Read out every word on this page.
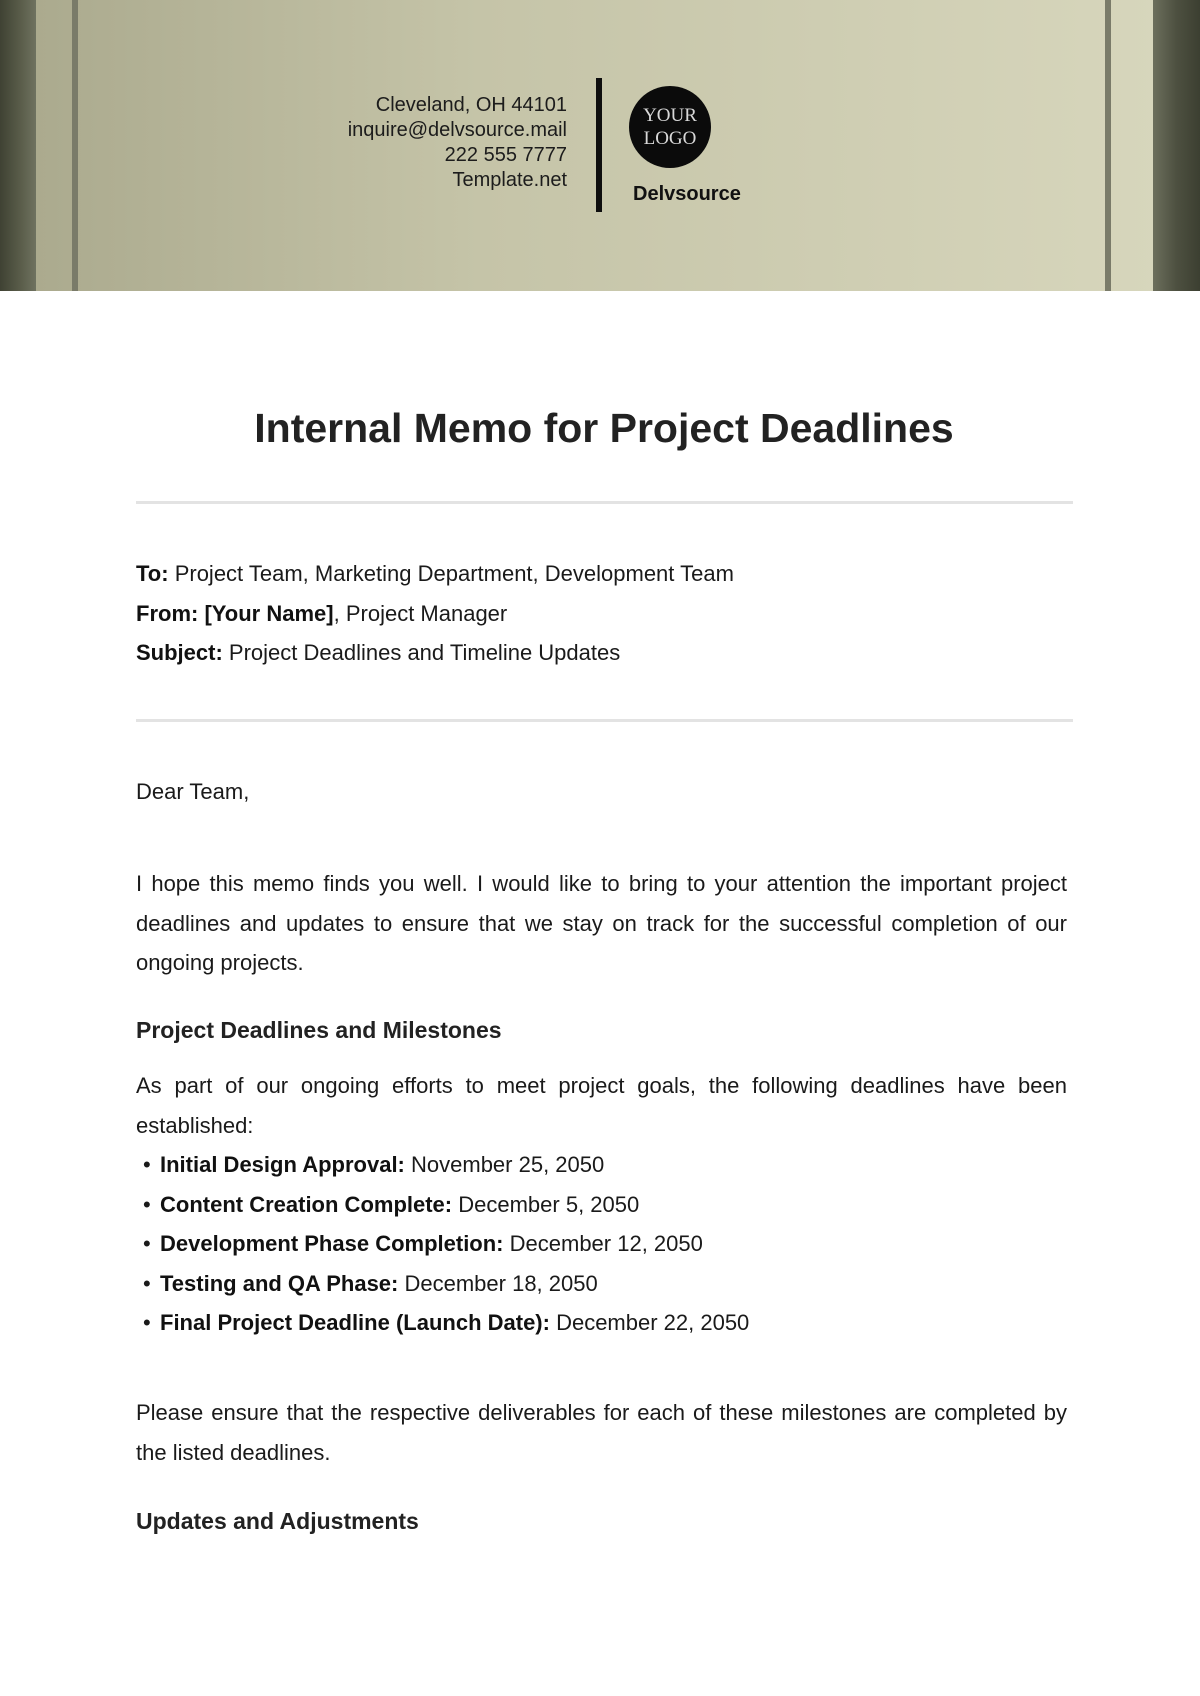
Cleveland, OH 44101
inquire@delvsource.mail
222 555 7777
Template.net
YOUR
LOGO
Delvsource
Internal Memo for Project Deadlines
To: Project Team, Marketing Department, Development Team
From: [Your Name], Project Manager
Subject: Project Deadlines and Timeline Updates

Dear Team,

I hope this memo finds you well. I would like to bring to your attention the important project deadlines and updates to ensure that we stay on track for the successful completion of our ongoing projects.

Project Deadlines and Milestones

As part of our ongoing efforts to meet project goals, the following deadlines have been established:

• Initial Design Approval: November 25, 2050
• Content Creation Complete: December 5, 2050
• Development Phase Completion: December 12, 2050
• Testing and QA Phase: December 18, 2050
• Final Project Deadline (Launch Date): December 22, 2050

Please ensure that the respective deliverables for each of these milestones are completed by the listed deadlines.

Updates and Adjustments
